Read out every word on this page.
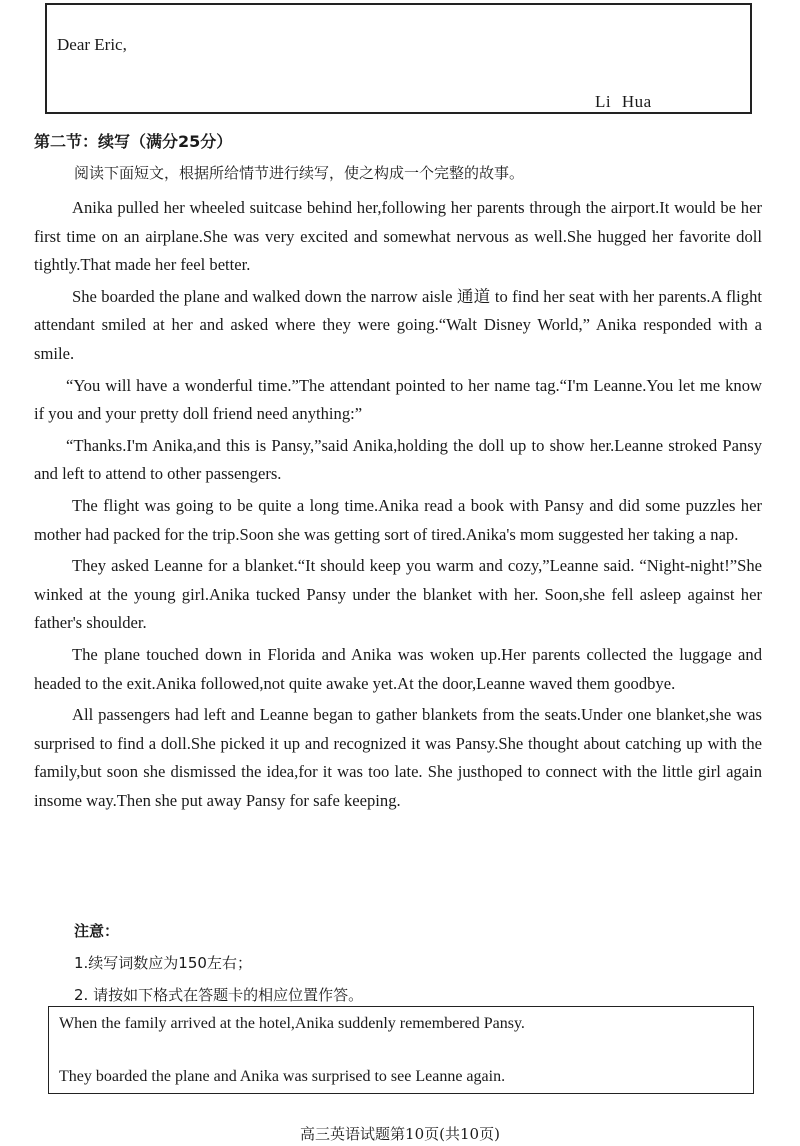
Dear Eric,
Li Hua
第二节：续写（满分25分）
阅读下面短文，根据所给情节进行续写，使之构成一个完整的故事。

Anika pulled her wheeled suitcase behind her,following her parents through the airport.It would be her first time on an airplane.She was very excited and somewhat nervous as well.She hugged her favorite doll tightly.That made her feel better.

She boarded the plane and walked down the narrow aisle 通道 to find her seat with her parents.A flight attendant smiled at her and asked where they were going.“Walt Disney World,” Anika responded with a smile.

“You will have a wonderful time.”The attendant pointed to her name tag.“I'm Leanne.You let me know if you and your pretty doll friend need anything:”

“Thanks.I'm Anika,and this is Pansy,”said Anika,holding the doll up to show her.Leanne stroked Pansy and left to attend to other passengers.

The flight was going to be quite a long time.Anika read a book with Pansy and did some puzzles her mother had packed for the trip.Soon she was getting sort of tired.Anika's mom suggested her taking a nap.

They asked Leanne for a blanket.“It should keep you warm and cozy,”Leanne said. “Night-night!”She winked at the young girl.Anika tucked Pansy under the blanket with her. Soon,she fell asleep against her father's shoulder.

The plane touched down in Florida and Anika was woken up.Her parents collected the luggage and headed to the exit.Anika followed,not quite awake yet.At the door,Leanne waved them goodbye.

All passengers had left and Leanne began to gather blankets from the seats.Under one blanket,she was surprised to find a doll.She picked it up and recognized it was Pansy.She thought about catching up with the family,but soon she dismissed the idea,for it was too late. She justhoped to connect with the little girl again insome way.Then she put away Pansy for safe keeping.

注意：
1.续写词数应为150左右；
2. 请按如下格式在答题卡的相应位置作答。
When the family arrived at the hotel,Anika suddenly remembered Pansy.
They boarded the plane and Anika was surprised to see Leanne again.
高三英语试题第10页(共10页)
